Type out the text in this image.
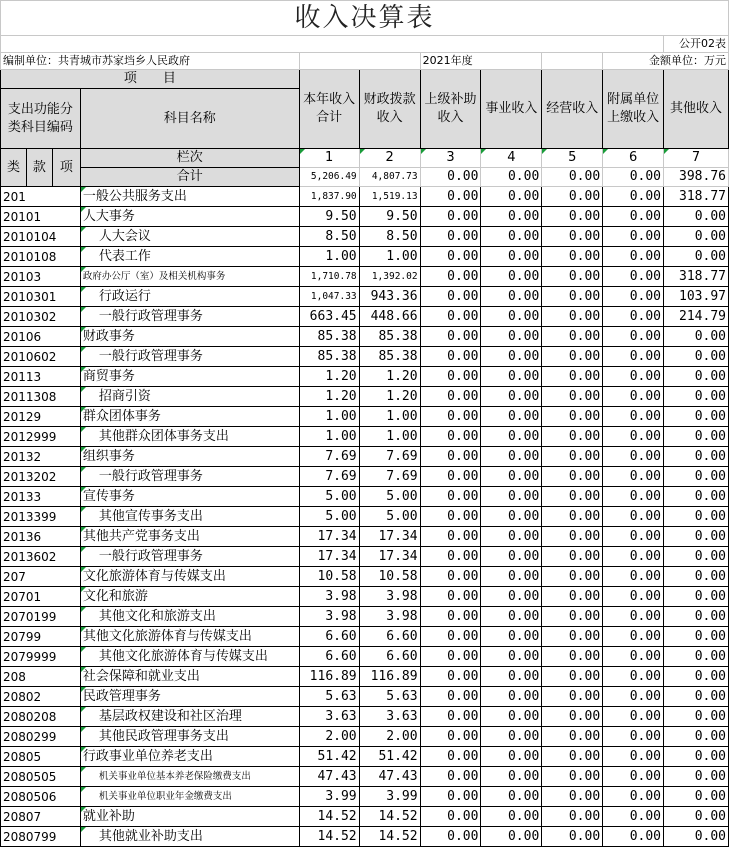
收入决算表										
										公开02表
编制单位：共青城市苏家垱乡人民政府						2021年度			金额单位：万元	
项　　目				本年收入合计	财政拨款收入	上级补助收入	事业收入	经营收入	附属单位上缴收入	其他收入
支出功能分类科目编码			科目名称							

类	款	项	栏次	1	2	3	4	5	6	7
			合计	5,206.49	4,807.73	0.00	0.00	0.00	0.00	398.76
201			一般公共服务支出	1,837.90	1,519.13	0.00	0.00	0.00	0.00	318.77
20101			人大事务	9.50	9.50	0.00	0.00	0.00	0.00	0.00
2010104			人大会议	8.50	8.50	0.00	0.00	0.00	0.00	0.00
2010108			代表工作	1.00	1.00	0.00	0.00	0.00	0.00	0.00
20103			政府办公厅（室）及相关机构事务	1,710.78	1,392.02	0.00	0.00	0.00	0.00	318.77
2010301			行政运行	1,047.33	943.36	0.00	0.00	0.00	0.00	103.97
2010302			一般行政管理事务	663.45	448.66	0.00	0.00	0.00	0.00	214.79
20106			财政事务	85.38	85.38	0.00	0.00	0.00	0.00	0.00
2010602			一般行政管理事务	85.38	85.38	0.00	0.00	0.00	0.00	0.00
20113			商贸事务	1.20	1.20	0.00	0.00	0.00	0.00	0.00
2011308			招商引资	1.20	1.20	0.00	0.00	0.00	0.00	0.00
20129			群众团体事务	1.00	1.00	0.00	0.00	0.00	0.00	0.00
2012999			其他群众团体事务支出	1.00	1.00	0.00	0.00	0.00	0.00	0.00
20132			组织事务	7.69	7.69	0.00	0.00	0.00	0.00	0.00
2013202			一般行政管理事务	7.69	7.69	0.00	0.00	0.00	0.00	0.00
20133			宣传事务	5.00	5.00	0.00	0.00	0.00	0.00	0.00
2013399			其他宣传事务支出	5.00	5.00	0.00	0.00	0.00	0.00	0.00
20136			其他共产党事务支出	17.34	17.34	0.00	0.00	0.00	0.00	0.00
2013602			一般行政管理事务	17.34	17.34	0.00	0.00	0.00	0.00	0.00
207			文化旅游体育与传媒支出	10.58	10.58	0.00	0.00	0.00	0.00	0.00
20701			文化和旅游	3.98	3.98	0.00	0.00	0.00	0.00	0.00
2070199			其他文化和旅游支出	3.98	3.98	0.00	0.00	0.00	0.00	0.00
20799			其他文化旅游体育与传媒支出	6.60	6.60	0.00	0.00	0.00	0.00	0.00
2079999			其他文化旅游体育与传媒支出	6.60	6.60	0.00	0.00	0.00	0.00	0.00
208			社会保障和就业支出	116.89	116.89	0.00	0.00	0.00	0.00	0.00
20802			民政管理事务	5.63	5.63	0.00	0.00	0.00	0.00	0.00
2080208			基层政权建设和社区治理	3.63	3.63	0.00	0.00	0.00	0.00	0.00
2080299			其他民政管理事务支出	2.00	2.00	0.00	0.00	0.00	0.00	0.00
20805			行政事业单位养老支出	51.42	51.42	0.00	0.00	0.00	0.00	0.00
2080505			机关事业单位基本养老保险缴费支出	47.43	47.43	0.00	0.00	0.00	0.00	0.00
2080506			机关事业单位职业年金缴费支出	3.99	3.99	0.00	0.00	0.00	0.00	0.00
20807			就业补助	14.52	14.52	0.00	0.00	0.00	0.00	0.00
2080799			其他就业补助支出	14.52	14.52	0.00	0.00	0.00	0.00	0.00
